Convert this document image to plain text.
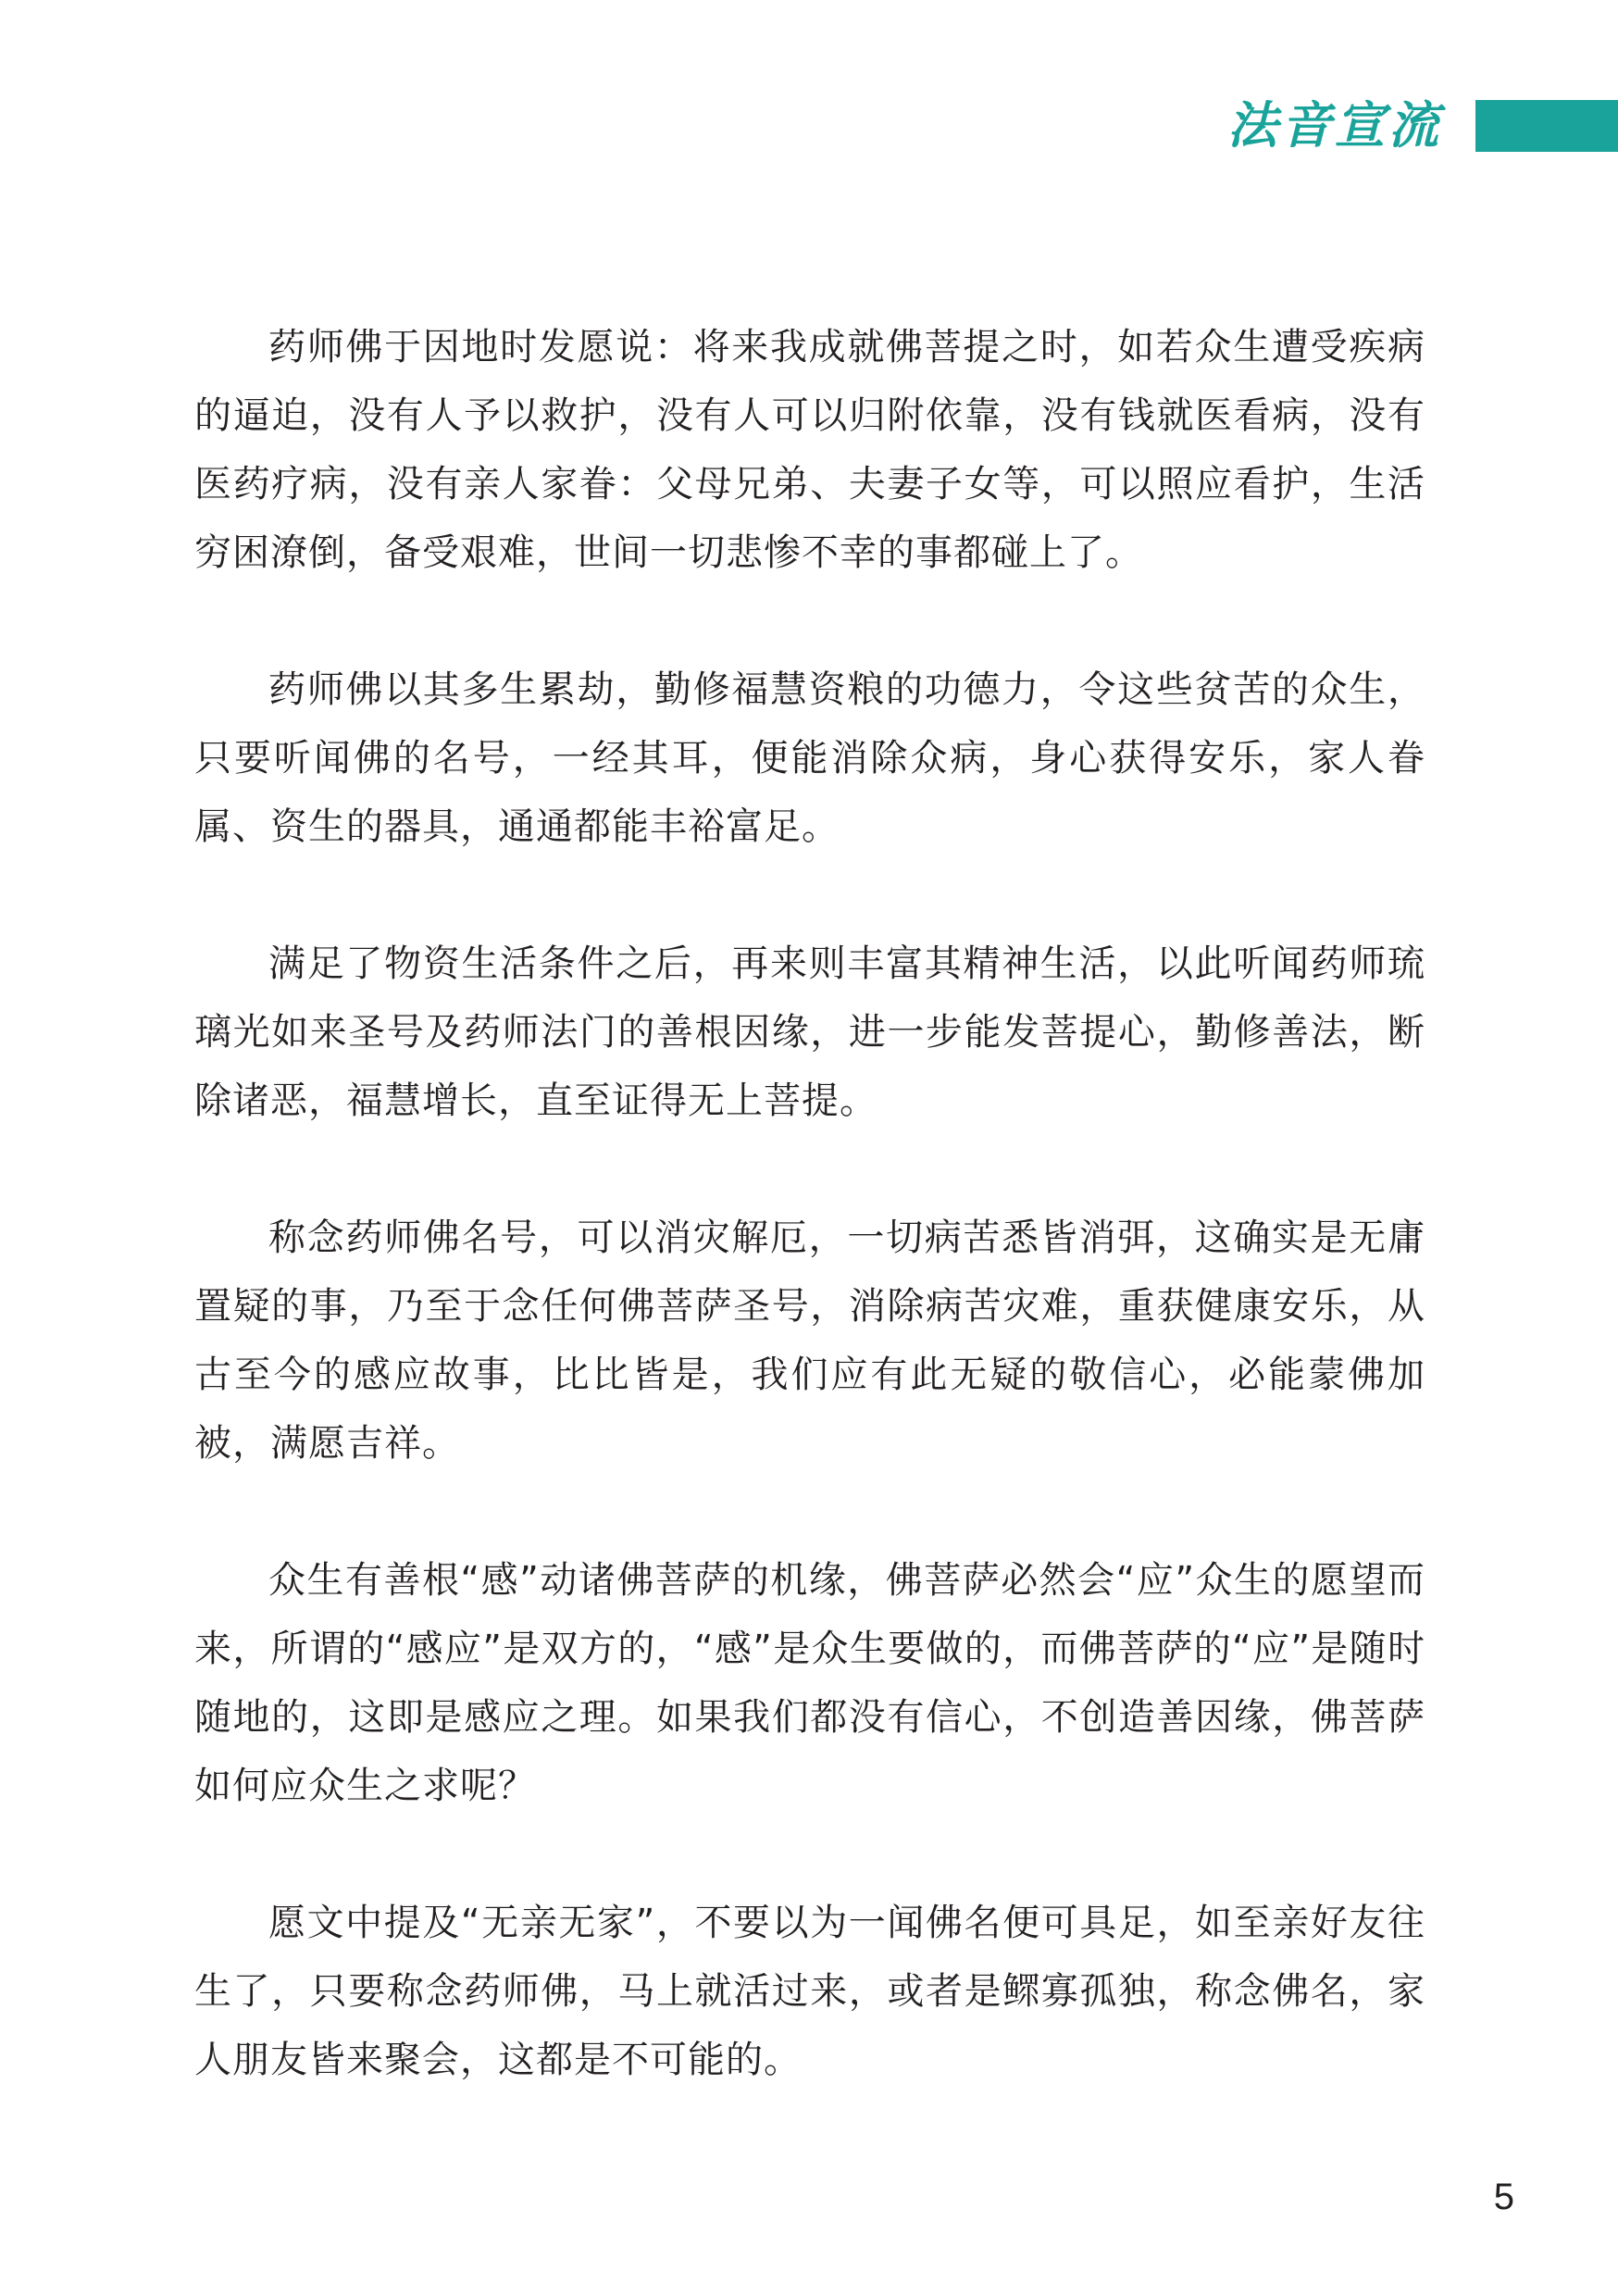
法音宣流

药师佛于因地时发愿说：将来我成就佛菩提之时，如若众生遭受疾病的逼迫，没有人予以救护，没有人可以归附依靠，没有钱就医看病，没有医药疗病，没有亲人家眷：父母兄弟、夫妻子女等，可以照应看护，生活穷困潦倒，备受艰难，世间一切悲惨不幸的事都碰上了。

药师佛以其多生累劫，勤修福慧资粮的功德力，令这些贫苦的众生，只要听闻佛的名号，一经其耳，便能消除众病，身心获得安乐，家人眷属、资生的器具，通通都能丰裕富足。

满足了物资生活条件之后，再来则丰富其精神生活，以此听闻药师琉璃光如来圣号及药师法门的善根因缘，进一步能发菩提心，勤修善法，断除诸恶，福慧增长，直至证得无上菩提。

称念药师佛名号，可以消灾解厄，一切病苦悉皆消弭，这确实是无庸置疑的事，乃至于念任何佛菩萨圣号，消除病苦灾难，重获健康安乐，从古至今的感应故事，比比皆是，我们应有此无疑的敬信心，必能蒙佛加被，满愿吉祥。

众生有善根“感”动诸佛菩萨的机缘，佛菩萨必然会“应”众生的愿望而来，所谓的“感应”是双方的，“感”是众生要做的，而佛菩萨的“应”是随时随地的，这即是感应之理。如果我们都没有信心，不创造善因缘，佛菩萨如何应众生之求呢？

愿文中提及“无亲无家”，不要以为一闻佛名便可具足，如至亲好友往生了，只要称念药师佛，马上就活过来，或者是鳏寡孤独，称念佛名，家人朋友皆来聚会，这都是不可能的。

5
